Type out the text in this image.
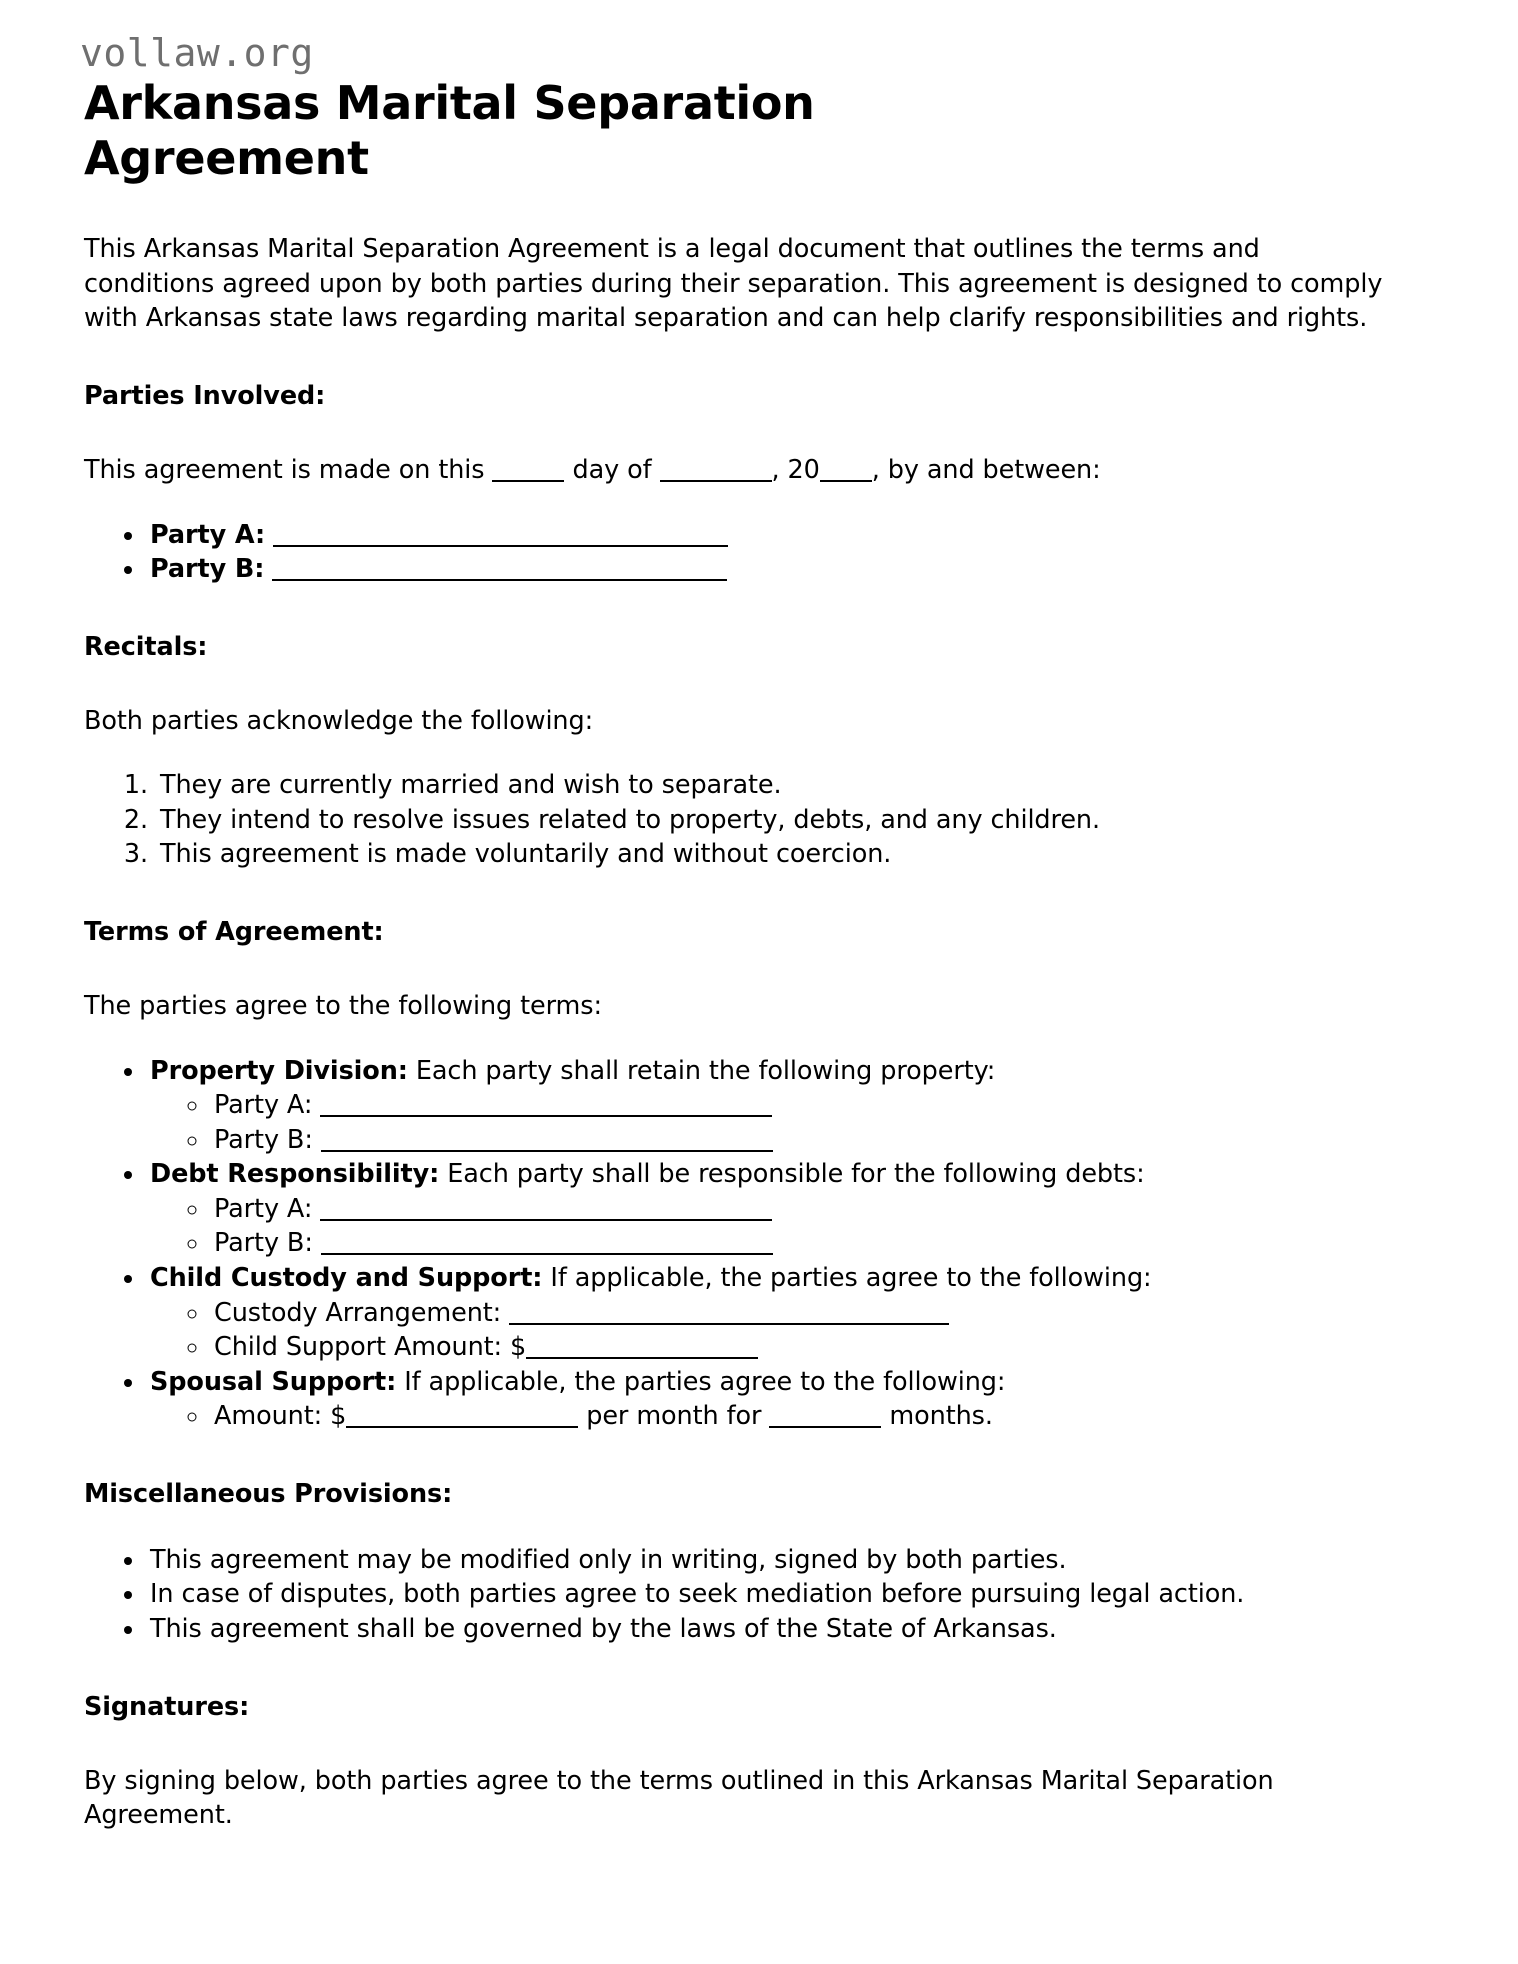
vollaw.org
Arkansas Marital Separation Agreement

This Arkansas Marital Separation Agreement is a legal document that outlines the terms and conditions agreed upon by both parties during their separation. This agreement is designed to comply with Arkansas state laws regarding marital separation and can help clarify responsibilities and rights.

Parties Involved:

This agreement is made on this	day of	, 20 , by and between:

• Party A:
• Party B:
Recitals:

Both parties acknowledge the following:

1. They are currently married and wish to separate.
2. They intend to resolve issues related to property, debts, and any children.
3. This agreement is made voluntarily and without coercion.
Terms of Agreement:

The parties agree to the following terms:

• Property Division: Each party shall retain the following property:
◦ Party A:
◦ Party B:
• Debt Responsibility: Each party shall be responsible for the following debts:
◦ Party A:
◦ Party B:
• Child Custody and Support: If applicable, the parties agree to the following:
◦ Custody Arrangement:
◦ Child Support Amount: $
• Spousal Support: If applicable, the parties agree to the following:
◦ Amount: $	per month for	months.
Miscellaneous Provisions:
• This agreement may be modified only in writing, signed by both parties.
• In case of disputes, both parties agree to seek mediation before pursuing legal action.
• This agreement shall be governed by the laws of the State of Arkansas.
Signatures:

By signing below, both parties agree to the terms outlined in this Arkansas Marital Separation Agreement.
